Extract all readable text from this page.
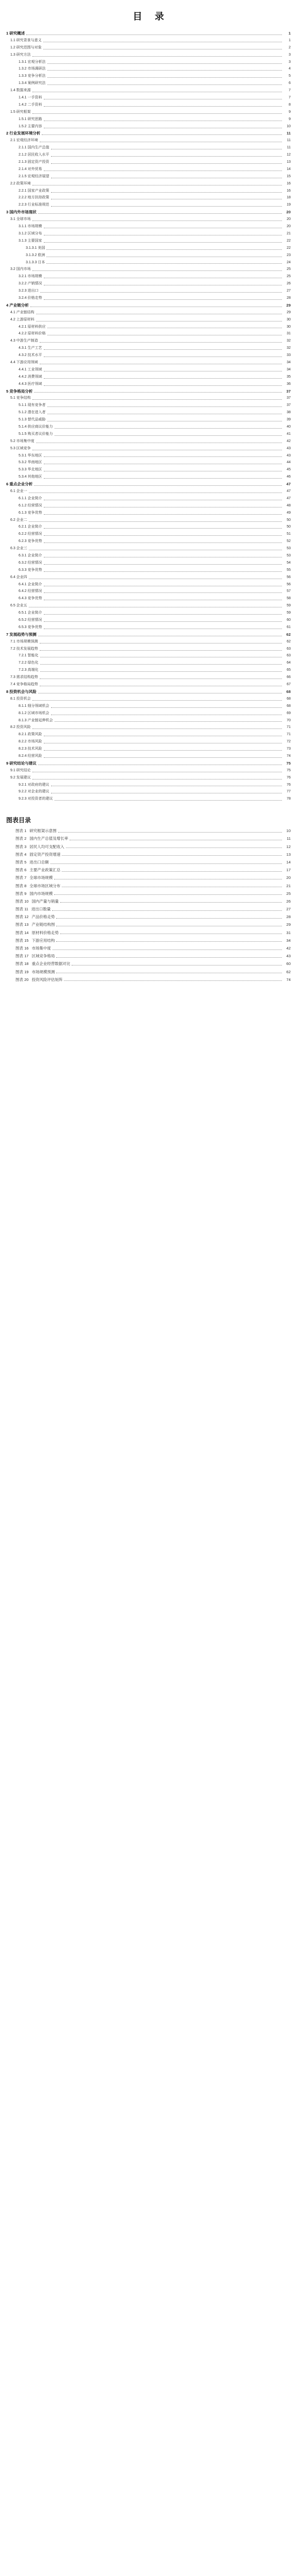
目 录
1 研究概述	1
1.1 研究背景与意义	1
1.2 研究范围与对象	2
1.3 研究方法	3
1.3.1 宏观分析法	3
1.3.2 市场调研法	4
1.3.3 竞争分析法	5
1.3.4 案例研究法	6
1.4 数据来源	7
1.4.1 一手资料	7
1.4.2 二手资料	8
1.5 研究框架	9
1.5.1 研究思路	9
1.5.2 主要内容	10
2 行业发展环境分析	11
2.1 宏观经济环境	11
2.1.1 国内生产总值	11
2.1.2 居民收入水平	12
2.1.3 固定资产投资	13
2.1.4 对外贸易	14
2.1.5 宏观经济展望	15
2.2 政策环境	16
2.2.1 国家产业政策	16
2.2.2 地方扶持政策	18
2.2.3 行业标准规范	19
3 国内外市场现状	20
3.1 全球市场	20
3.1.1 市场规模	20
3.1.2 区域分布	21
3.1.3 主要国家	22
3.1.3.1 美国	22
3.1.3.2 欧洲	23
3.1.3.3 日本	24
3.2 国内市场	25
3.2.1 市场规模	25
3.2.2 产销情况	26
3.2.3 进出口	27
3.2.4 价格走势	28
4 产业链分析	29
4.1 产业链结构	29
4.2 上游原材料	30
4.2.1 原材料供应	30
4.2.2 原材料价格	31
4.3 中游生产制造	32
4.3.1 生产工艺	32
4.3.2 技术水平	33
4.4 下游应用领域	34
4.4.1 工业领域	34
4.4.2 消费领域	35
4.4.3 医疗领域	36
5 竞争格局分析	37
5.1 竞争结构	37
5.1.1 现有竞争者	37
5.1.2 潜在进入者	38
5.1.3 替代品威胁	39
5.1.4 供应商议价能力	40
5.1.5 购买者议价能力	41
5.2 市场集中度	42
5.3 区域竞争	43
5.3.1 华东地区	43
5.3.2 华南地区	44
5.3.3 华北地区	45
5.3.4 其他地区	46
6 重点企业分析	47
6.1 企业一	47
6.1.1 企业简介	47
6.1.2 经营情况	48
6.1.3 竞争优势	49
6.2 企业二	50
6.2.1 企业简介	50
6.2.2 经营情况	51
6.2.3 竞争优势	52
6.3 企业三	53
6.3.1 企业简介	53
6.3.2 经营情况	54
6.3.3 竞争优势	55
6.4 企业四	56
6.4.1 企业简介	56
6.4.2 经营情况	57
6.4.3 竞争优势	58
6.5 企业五	59
6.5.1 企业简介	59
6.5.2 经营情况	60
6.5.3 竞争优势	61
7 发展趋势与预测	62
7.1 市场规模预测	62
7.2 技术发展趋势	63
7.2.1 智能化	63
7.2.2 绿色化	64
7.2.3 高端化	65
7.3 需求结构趋势	66
7.4 竞争格局趋势	67
8 投资机会与风险	68
8.1 投资机会	68
8.1.1 细分领域机会	68
8.1.2 区域市场机会	69
8.1.3 产业链延伸机会	70
8.2 投资风险	71
8.2.1 政策风险	71
8.2.2 市场风险	72
8.2.3 技术风险	73
8.2.4 经营风险	74
9 研究结论与建议	75
9.1 研究结论	75
9.2 发展建议	76
9.2.1 对政府的建议	76
9.2.2 对企业的建议	77
9.2.3 对投资者的建议	78
图表目录
图表 1 研究框架示意图	10
图表 2 国内生产总值及增长率	11
图表 3 居民人均可支配收入	12
图表 4 固定资产投资增速	13
图表 5 进出口总额	14
图表 6 主要产业政策汇总	17
图表 7 全球市场规模	20
图表 8 全球市场区域分布	21
图表 9 国内市场规模	25
图表 10 国内产量与销量	26
图表 11 进出口数量	27
图表 12 产品价格走势	28
图表 13 产业链结构图	29
图表 14 原材料价格走势	31
图表 15 下游应用结构	34
图表 16 市场集中度	42
图表 17 区域竞争格局	43
图表 18 重点企业经营数据对比	60
图表 19 市场规模预测	62
图表 20 投资风险评估矩阵	74
